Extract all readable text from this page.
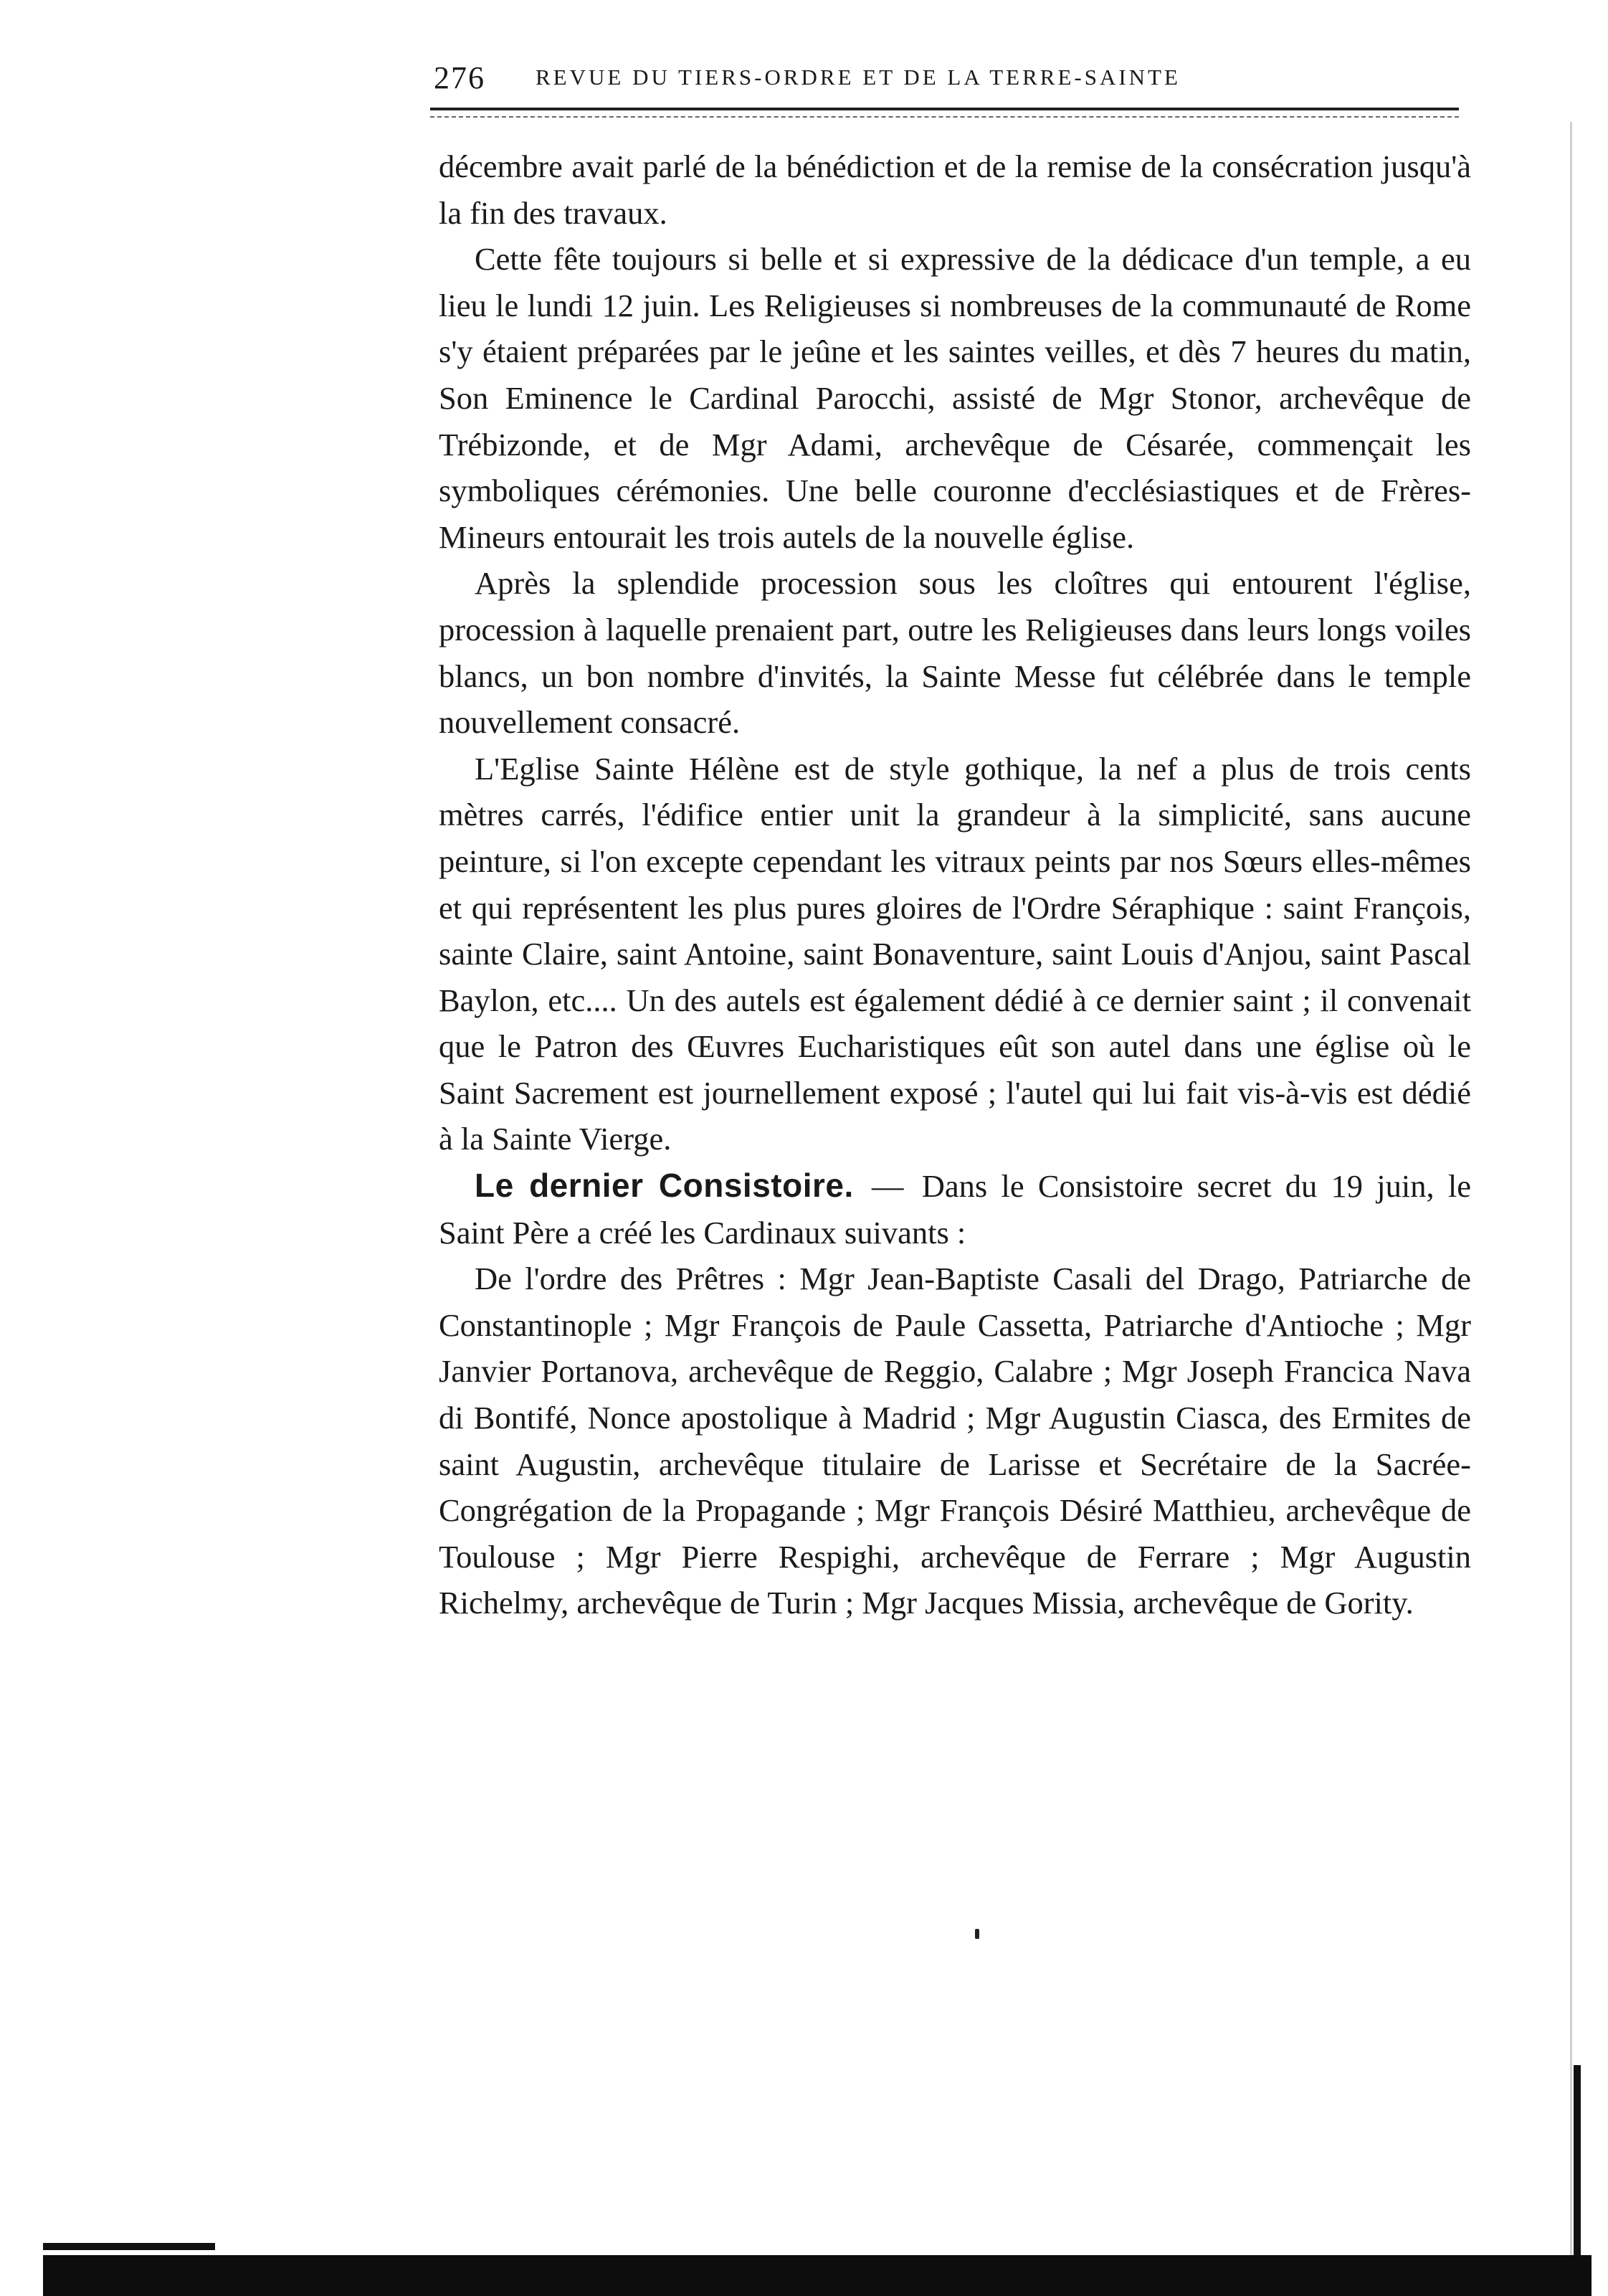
276 REVUE DU TIERS-ORDRE ET DE LA TERRE-SAINTE

décembre avait parlé de la bénédiction et de la remise de la consécration jusqu'à la fin des travaux.

Cette fête toujours si belle et si expressive de la dédicace d'un temple, a eu lieu le lundi 12 juin. Les Religieuses si nombreuses de la communauté de Rome s'y étaient préparées par le jeûne et les saintes veilles, et dès 7 heures du matin, Son Eminence le Cardinal Parocchi, assisté de Mgr Stonor, archevêque de Trébizonde, et de Mgr Adami, archevêque de Césarée, commençait les symboliques cérémonies. Une belle couronne d'ecclésiastiques et de Frères-Mineurs entourait les trois autels de la nouvelle église.

Après la splendide procession sous les cloîtres qui entourent l'église, procession à laquelle prenaient part, outre les Religieuses dans leurs longs voiles blancs, un bon nombre d'invités, la Sainte Messe fut célébrée dans le temple nouvellement consacré.

L'Eglise Sainte Hélène est de style gothique, la nef a plus de trois cents mètres carrés, l'édifice entier unit la grandeur à la simplicité, sans aucune peinture, si l'on excepte cependant les vitraux peints par nos Sœurs elles-mêmes et qui représentent les plus pures gloires de l'Ordre Séraphique : saint François, sainte Claire, saint Antoine, saint Bonaventure, saint Louis d'Anjou, saint Pascal Baylon, etc.... Un des autels est également dédié à ce dernier saint ; il convenait que le Patron des Œuvres Eucharistiques eût son autel dans une église où le Saint Sacrement est journellement exposé ; l'autel qui lui fait vis-à-vis est dédié à la Sainte Vierge.

Le dernier Consistoire. — Dans le Consistoire secret du 19 juin, le Saint Père a créé les Cardinaux suivants :

De l'ordre des Prêtres : Mgr Jean-Baptiste Casali del Drago, Patriarche de Constantinople ; Mgr François de Paule Cassetta, Patriarche d'Antioche ; Mgr Janvier Portanova, archevêque de Reggio, Calabre ; Mgr Joseph Francica Nava di Bontifé, Nonce apostolique à Madrid ; Mgr Augustin Ciasca, des Ermites de saint Augustin, archevêque titulaire de Larisse et Secrétaire de la Sacrée-Congrégation de la Propagande ; Mgr François Désiré Matthieu, archevêque de Toulouse ; Mgr Pierre Respighi, archevêque de Ferrare ; Mgr Augustin Richelmy, archevêque de Turin ; Mgr Jacques Missia, archevêque de Gority.
